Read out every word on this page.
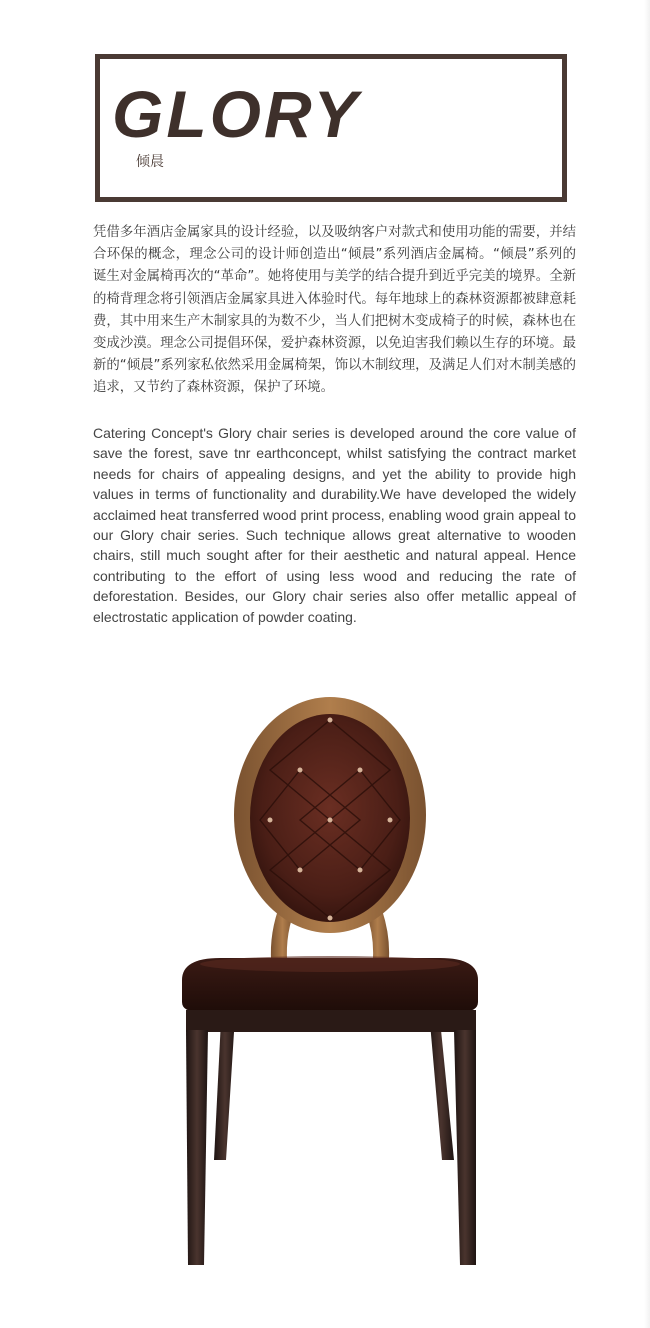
GLORY
倾晨
凭借多年酒店金属家具的设计经验，以及吸纳客户对款式和使用功能的需要，并结合环保的概念，理念公司的设计师创造出“倾晨”系列酒店金属椅。“倾晨”系列的诞生对金属椅再次的“革命”。她将使用与美学的结合提升到近乎完美的境界。全新的椅背理念将引领酒店金属家具进入体验时代。每年地球上的森林资源都被肆意耗费，其中用来生产木制家具的为数不少，当人们把树木变成椅子的时候，森林也在变成沙漠。理念公司提倡环保，爱护森林资源，以免迫害我们赖以生存的环境。最新的“倾晨”系列家私依然采用金属椅架，饰以木制纹理，及满足人们对木制美感的追求，又节约了森林资源，保护了环境。
Catering Concept's Glory chair series is developed around the core value of save the forest, save tnr earthconcept, whilst satisfying the contract market needs for chairs of appealing designs, and yet the ability to provide high values in terms of functionality and durability.We have developed the widely acclaimed heat transferred wood print process, enabling wood grain appeal to our Glory chair series. Such technique allows great alternative to wooden chairs, still much sought after for their aesthetic and natural appeal. Hence contributing to the effort of using less wood and reducing the rate of deforestation. Besides, our Glory chair series also offer metallic appeal of electrostatic application of powder coating.
